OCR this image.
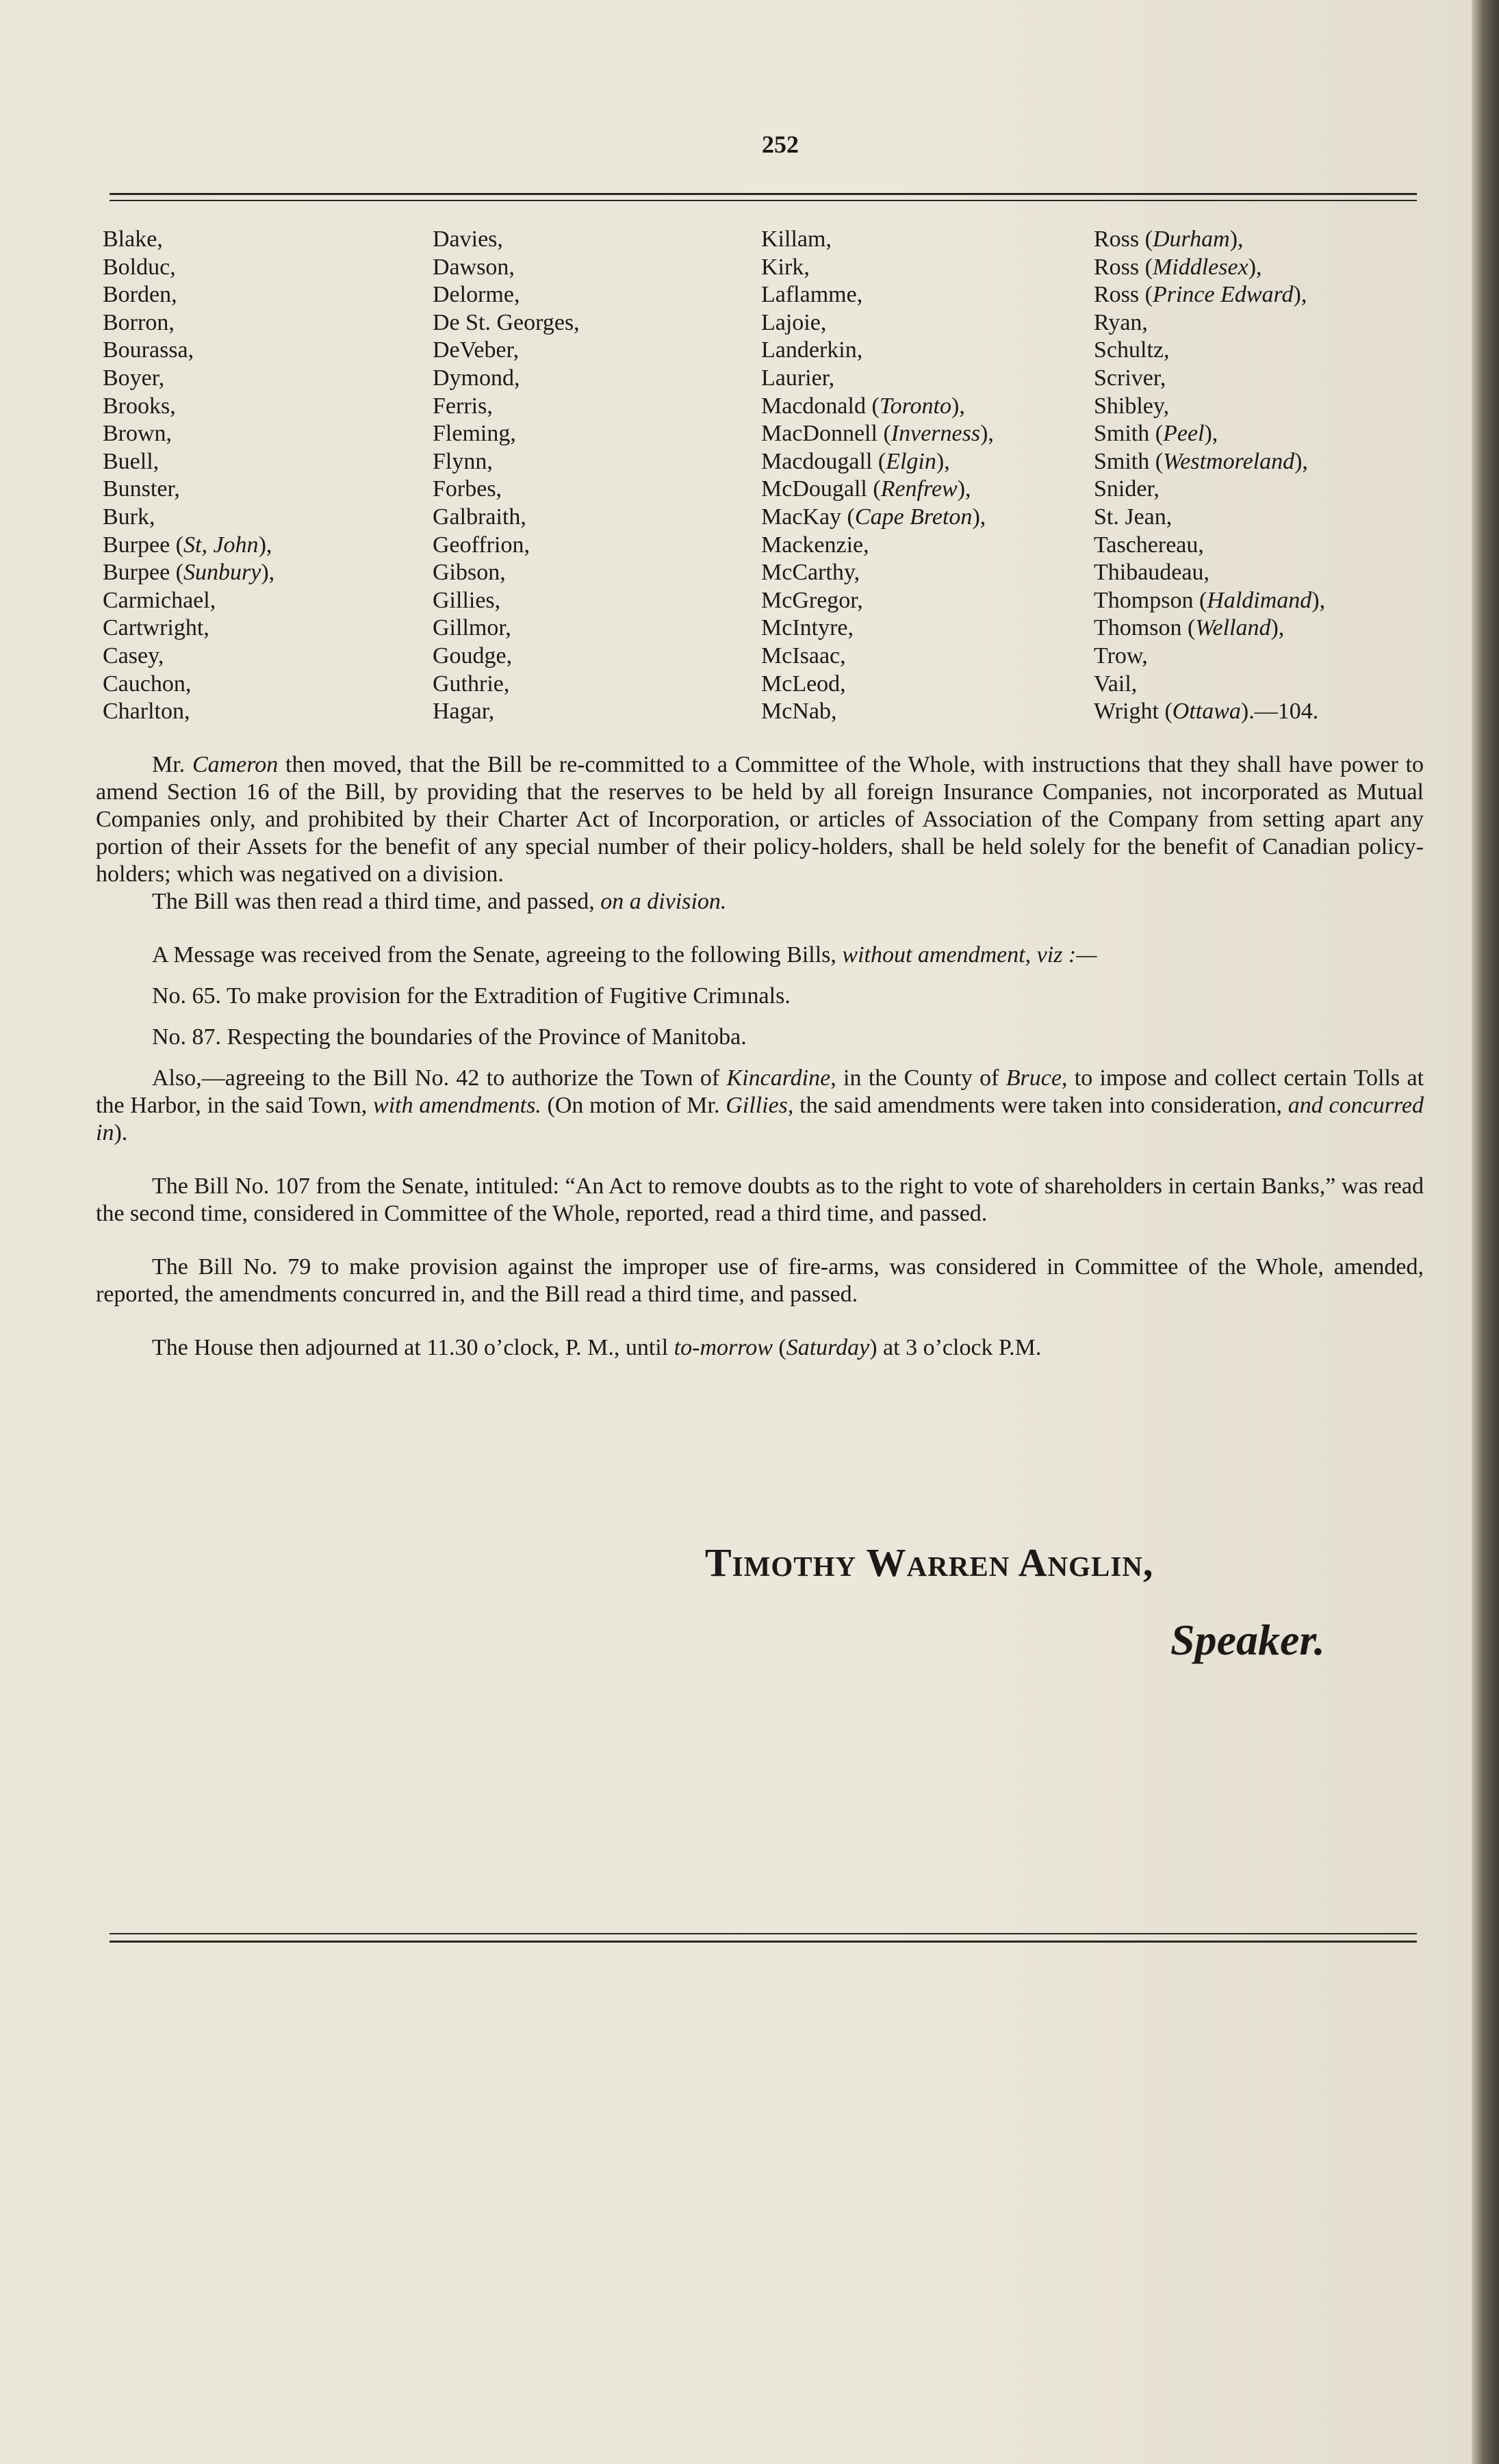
252
Blake,
Bolduc,
Borden,
Borron,
Bourassa,
Boyer,
Brooks,
Brown,
Buell,
Bunster,
Burk,
Burpee (St, John),
Burpee (Sunbury),
Carmichael,
Cartwright,
Casey,
Cauchon,
Charlton,
Davies,
Dawson,
Delorme,
De St. Georges,
DeVeber,
Dymond,
Ferris,
Fleming,
Flynn,
Forbes,
Galbraith,
Geoffrion,
Gibson,
Gillies,
Gillmor,
Goudge,
Guthrie,
Hagar,
Killam,
Kirk,
Laflamme,
Lajoie,
Landerkin,
Laurier,
Macdonald (Toronto),
MacDonnell (Inverness),
Macdougall (Elgin),
McDougall (Renfrew),
MacKay (Cape Breton),
Mackenzie,
McCarthy,
McGregor,
McIntyre,
McIsaac,
McLeod,
McNab,
Ross (Durham),
Ross (Middlesex),
Ross (Prince Edward),
Ryan,
Schultz,
Scriver,
Shibley,
Smith (Peel),
Smith (Westmoreland),
Snider,
St. Jean,
Taschereau,
Thibaudeau,
Thompson (Haldimand),
Thomson (Welland),
Trow,
Vail,
Wright (Ottawa).—104.

Mr. Cameron then moved, that the Bill be re-committed to a Committee of the Whole, with instructions that they shall have power to amend Section 16 of the Bill, by providing that the reserves to be held by all foreign Insurance Companies, not incorporated as Mutual Companies only, and prohibited by their Charter Act of Incorporation, or articles of Association of the Company from setting apart any portion of their Assets for the benefit of any special number of their policy-holders, shall be held solely for the benefit of Canadian policy-holders; which was negatived on a division.

The Bill was then read a third time, and passed, on a division.

A Message was received from the Senate, agreeing to the following Bills, without amendment, viz :—

No. 65. To make provision for the Extradition of Fugitive Crimınals.

No. 87. Respecting the boundaries of the Province of Manitoba.

Also,—agreeing to the Bill No. 42 to authorize the Town of Kincardine, in the County of Bruce, to impose and collect certain Tolls at the Harbor, in the said Town, with amendments. (On motion of Mr. Gillies, the said amendments were taken into consideration, and concurred in).

The Bill No. 107 from the Senate, intituled: “An Act to remove doubts as to the right to vote of shareholders in certain Banks,” was read the second time, considered in Committee of the Whole, reported, read a third time, and passed.

The Bill No. 79 to make provision against the improper use of fire-arms, was considered in Committee of the Whole, amended, reported, the amendments concurred in, and the Bill read a third time, and passed.

The House then adjourned at 11.30 o’clock, P. M., until to-morrow (Saturday) at 3 o’clock P.M.

Timothy Warren Anglin,
Speaker.
